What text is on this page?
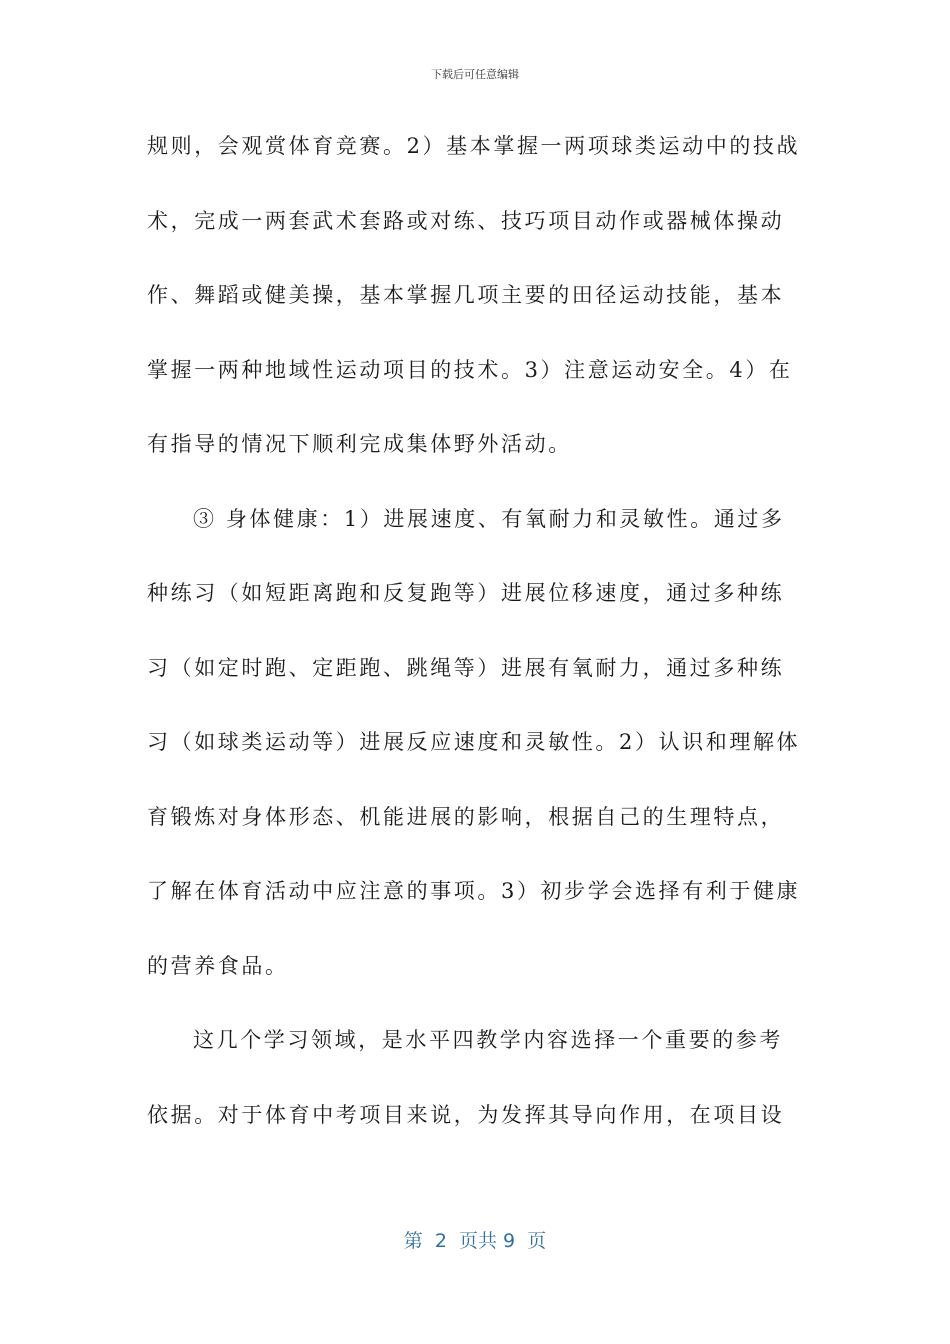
下载后可任意编辑
规则，会观赏体育竞赛。2）基本掌握一两项球类运动中的技战
术，完成一两套武术套路或对练、技巧项目动作或器械体操动
作、舞蹈或健美操，基本掌握几项主要的田径运动技能，基本
掌握一两种地域性运动项目的技术。3）注意运动安全。4）在
有指导的情况下顺利完成集体野外活动。
③ 身体健康：1）进展速度、有氧耐力和灵敏性。通过多
种练习（如短距离跑和反复跑等）进展位移速度，通过多种练
习（如定时跑、定距跑、跳绳等）进展有氧耐力，通过多种练
习（如球类运动等）进展反应速度和灵敏性。2）认识和理解体
育锻炼对身体形态、机能进展的影响，根据自己的生理特点，
了解在体育活动中应注意的事项。3）初步学会选择有利于健康
的营养食品。
这几个学习领域，是水平四教学内容选择一个重要的参考
依据。对于体育中考项目来说，为发挥其导向作用，在项目设
第  2  页共 9  页
